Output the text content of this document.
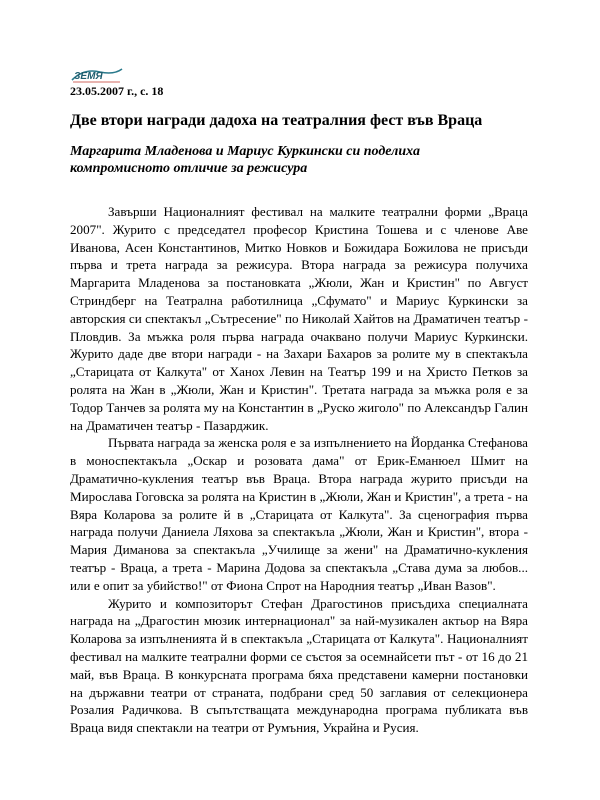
ЗЕМЯ
23.05.2007 г., с. 18
Две втори награди дадоха на театралния фест във Враца
Маргарита Младенова и Мариус Куркински си поделиха
компромисното отличие за режисура

Завърши Националният фестивал на малките театрални форми „Враца 2007". Журито с председател професор Кристина Тошева и с членове Аве Иванова, Асен Константинов, Митко Новков и Божидара Божилова не присъди първа и трета награда за режисура. Втора награда за режисура получиха Маргарита Младенова за постановката „Жюли, Жан и Кристин" по Август Стриндберг на Театрална работилница „Сфумато" и Мариус Куркински за авторския си спектакъл „Сътресение" по Николай Хайтов на Драматичен театър - Пловдив. За мъжка роля първа награда очаквано получи Мариус Куркински. Журито даде две втори награди - на Захари Бахаров за ролите му в спектакъла „Старицата от Калкута" от Ханох Левин на Театър 199 и на Христо Петков за ролята на Жан в „Жюли, Жан и Кристин". Третата награда за мъжка роля е за Тодор Танчев за ролята му на Константин в „Руско жиголо" по Александър Галин на Драматичен театър - Пазарджик.

Първата награда за женска роля е за изпълнението на Йорданка Стефанова в моноспектакъла „Оскар и розовата дама" от Ерик-Еманюел Шмит на Драматично-кукления театър във Враца. Втора награда журито присъди на Мирослава Гоговска за ролята на Кристин в „Жюли, Жан и Кристин", а трета - на Вяра Коларова за ролите й в „Старицата от Калкута". За сценография първа награда получи Даниела Ляхова за спектакъла „Жюли, Жан и Кристин", втора - Мария Диманова за спектакъла „Училище за жени" на Драматично-кукления театър - Враца, а трета - Марина Додова за спектакъла „Става дума за любов... или е опит за убийство!" от Фиона Спрот на Народния театър „Иван Вазов".

Журито и композиторът Стефан Драгостинов присъдиха специалната награда на „Драгостин мюзик интернационал" за най-музикален актьор на Вяра Коларова за изпълненията й в спектакъла „Старицата от Калкута". Националният фестивал на малките театрални форми се състоя за осемнайсети път - от 16 до 21 май, във Враца. В конкурсната програма бяха представени камерни постановки на държавни театри от страната, подбрани сред 50 заглавия от селекционера Розалия Радичкова. В съпътстващата международна програма публиката във Враца видя спектакли на театри от Румъния, Украйна и Русия.
